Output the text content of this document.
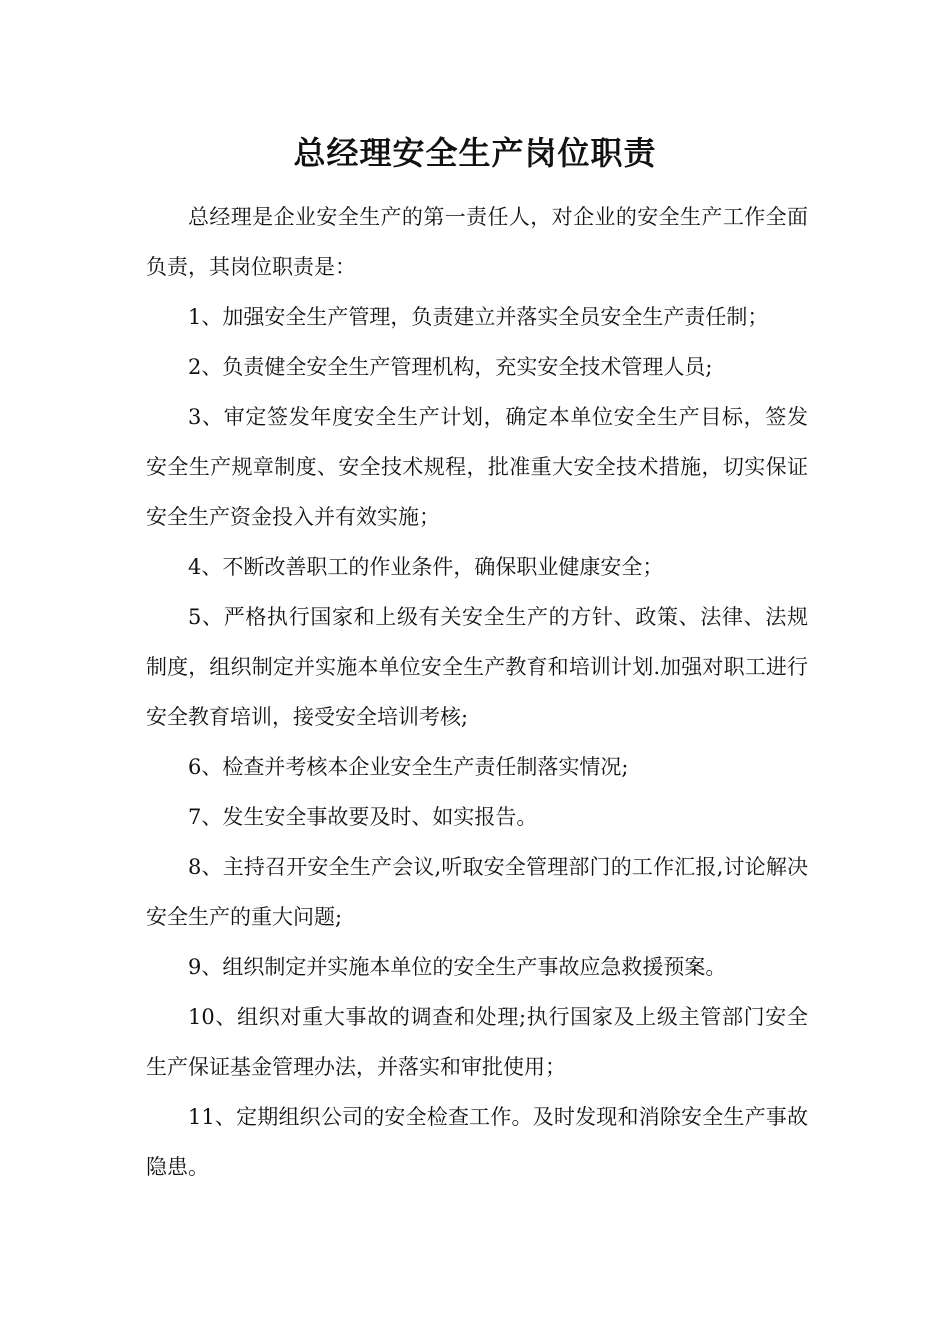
总经理安全生产岗位职责

总经理是企业安全生产的第一责任人，对企业的安全生产工作全面负责，其岗位职责是：

1、加强安全生产管理，负责建立并落实全员安全生产责任制；

2、负责健全安全生产管理机构，充实安全技术管理人员;

3、审定签发年度安全生产计划，确定本单位安全生产目标，签发安全生产规章制度、安全技术规程，批准重大安全技术措施，切实保证安全生产资金投入并有效实施；

4、不断改善职工的作业条件，确保职业健康安全；

5、严格执行国家和上级有关安全生产的方针、政策、法律、法规制度，组织制定并实施本单位安全生产教育和培训计划.加强对职工进行安全教育培训，接受安全培训考核;

6、检查并考核本企业安全生产责任制落实情况;

7、发生安全事故要及时、如实报告。

8、主持召开安全生产会议,听取安全管理部门的工作汇报,讨论解决安全生产的重大问题;

9、组织制定并实施本单位的安全生产事故应急救援预案。

10、组织对重大事故的调查和处理;执行国家及上级主管部门安全生产保证基金管理办法，并落实和审批使用；

11、定期组织公司的安全检查工作。及时发现和消除安全生产事故隐患。
